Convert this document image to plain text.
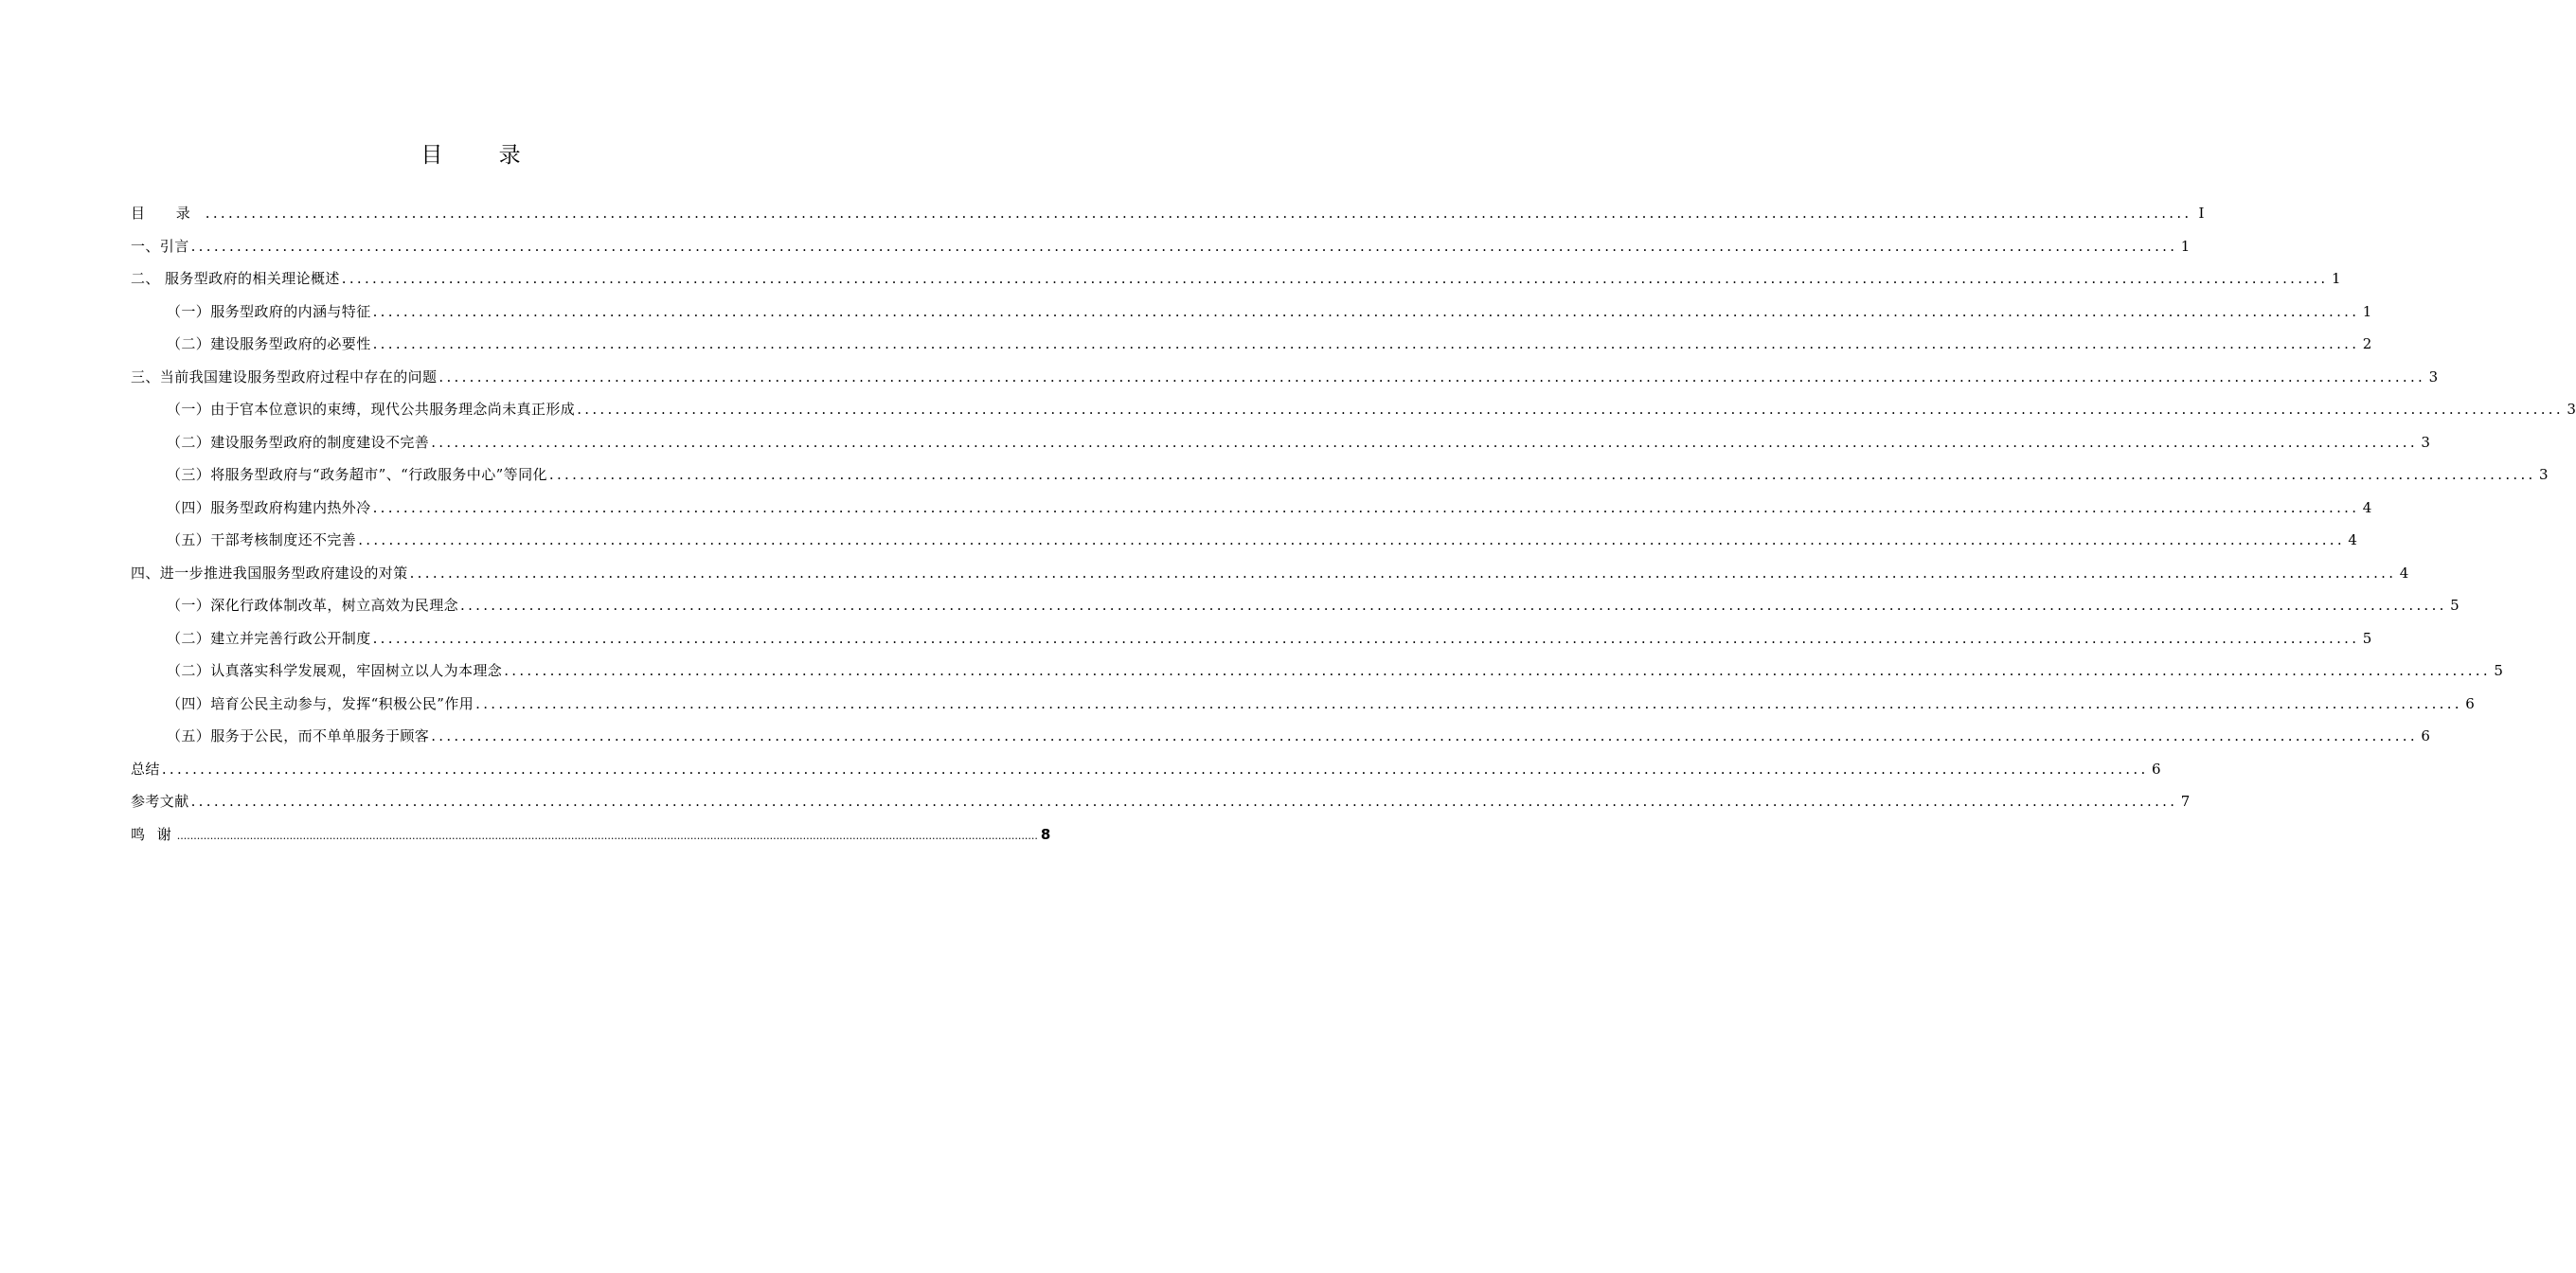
目 录
目 录 .................................................................................................................................................................................................................................................................... I
一、引言 .................................................................................................................................................................................................................................................................... 1
二、 服务型政府的相关理论概述 .................................................................................................................................................................................................................................................................... 1
（一）服务型政府的内涵与特征 .................................................................................................................................................................................................................................................................... 1
（二）建设服务型政府的必要性 .................................................................................................................................................................................................................................................................... 2
三、当前我国建设服务型政府过程中存在的问题 .................................................................................................................................................................................................................................................................... 3
（一）由于官本位意识的束缚，现代公共服务理念尚未真正形成 .................................................................................................................................................................................................................................................................... 3
（二）建设服务型政府的制度建设不完善 .................................................................................................................................................................................................................................................................... 3
（三）将服务型政府与“政务超市”、“行政服务中心”等同化 .................................................................................................................................................................................................................................................................... 3
（四）服务型政府构建内热外冷 .................................................................................................................................................................................................................................................................... 4
（五）干部考核制度还不完善 .................................................................................................................................................................................................................................................................... 4
四、进一步推进我国服务型政府建设的对策 .................................................................................................................................................................................................................................................................... 4
（一）深化行政体制改革，树立高效为民理念 .................................................................................................................................................................................................................................................................... 5
（二）建立并完善行政公开制度 .................................................................................................................................................................................................................................................................... 5
（二）认真落实科学发展观，牢固树立以人为本理念 .................................................................................................................................................................................................................................................................... 5
（四）培育公民主动参与，发挥“积极公民”作用 .................................................................................................................................................................................................................................................................... 6
（五）服务于公民，而不单单服务于顾客 .................................................................................................................................................................................................................................................................... 6
总结 .................................................................................................................................................................................................................................................................... 6
参考文献 .................................................................................................................................................................................................................................................................... 7
鸣 谢 .................................................................................................................................................................................................................................................................... 8
